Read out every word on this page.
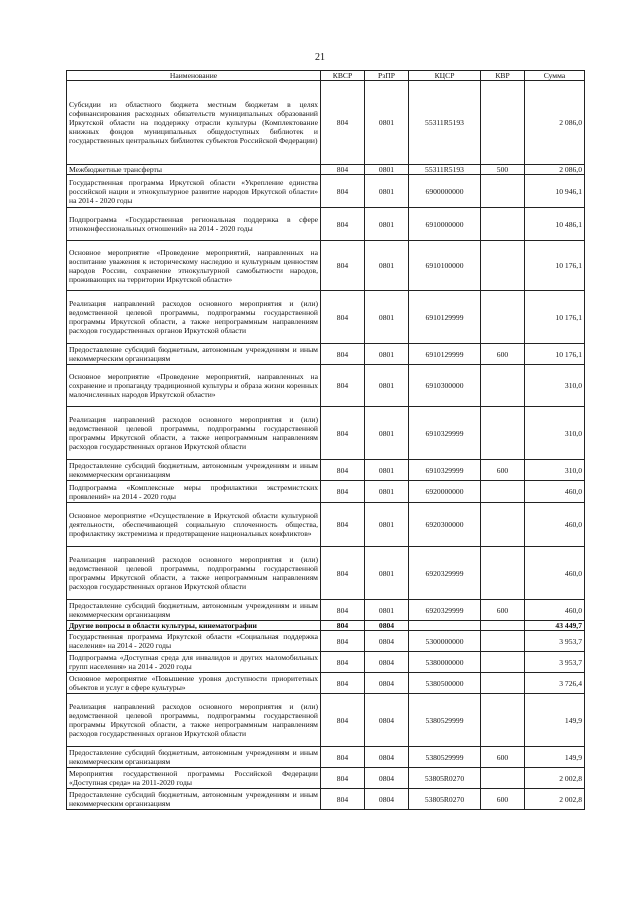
21
Наименование	КВСР	РзПР	КЦСР	КВР	Сумма
Субсидии из областного бюджета местным бюджетам в целях софинансирования расходных обязательств муниципальных образований Иркутской области на поддержку отрасли культуры (Комплектование книжных фондов муниципальных общедоступных библиотек и государственных центральных библиотек субъектов Российской Федерации)	804	0801	55311R5193		2 086,0
Межбюджетные трансферты	804	0801	55311R5193	500	2 086,0
Государственная программа Иркутской области «Укрепление единства российской нации и этнокультурное развитие народов Иркутской области» на 2014 - 2020 годы	804	0801	6900000000		10 946,1
Подпрограмма «Государственная региональная поддержка в сфере этноконфессиональных отношений» на 2014 - 2020 годы	804	0801	6910000000		10 486,1
Основное мероприятие «Проведение мероприятий, направленных на воспитание уважения к историческому наследию и культурным ценностям народов России, сохранение этнокультурной самобытности народов, проживающих на территории Иркутской области»	804	0801	6910100000		10 176,1
Реализация направлений расходов основного мероприятия и (или) ведомственной целевой программы, подпрограммы государственной программы Иркутской области, а также непрограммным направлениям расходов государственных органов Иркутской области	804	0801	6910129999		10 176,1
Предоставление субсидий бюджетным, автономным учреждениям и иным некоммерческим организациям	804	0801	6910129999	600	10 176,1
Основное мероприятие «Проведение мероприятий, направленных на сохранение и пропаганду традиционной культуры и образа жизни коренных малочисленных народов Иркутской области»	804	0801	6910300000		310,0
Реализация направлений расходов основного мероприятия и (или) ведомственной целевой программы, подпрограммы государственной программы Иркутской области, а также непрограммным направлениям расходов государственных органов Иркутской области	804	0801	6910329999		310,0
Предоставление субсидий бюджетным, автономным учреждениям и иным некоммерческим организациям	804	0801	6910329999	600	310,0
Подпрограмма «Комплексные меры профилактики экстремистских проявлений» на 2014 - 2020 годы	804	0801	6920000000		460,0
Основное мероприятие «Осуществление в Иркутской области культурной деятельности, обеспечивающей социальную сплоченность общества, профилактику экстремизма и предотвращение национальных конфликтов»	804	0801	6920300000		460,0
Реализация направлений расходов основного мероприятия и (или) ведомственной целевой программы, подпрограммы государственной программы Иркутской области, а также непрограммным направлениям расходов государственных органов Иркутской области	804	0801	6920329999		460,0
Предоставление субсидий бюджетным, автономным учреждениям и иным некоммерческим организациям	804	0801	6920329999	600	460,0
Другие вопросы в области культуры, кинематографии	804	0804			43 449,7
Государственная программа Иркутской области «Социальная поддержка населения» на 2014 - 2020 годы	804	0804	5300000000		3 953,7
Подпрограмма «Доступная среда для инвалидов и других маломобильных групп населения» на 2014 - 2020 годы	804	0804	5380000000		3 953,7
Основное мероприятие «Повышение уровня доступности приоритетных объектов и услуг в сфере культуры»	804	0804	5380500000		3 726,4
Реализация направлений расходов основного мероприятия и (или) ведомственной целевой программы, подпрограммы государственной программы Иркутской области, а также непрограммным направлениям расходов государственных органов Иркутской области	804	0804	5380529999		149,9
Предоставление субсидий бюджетным, автономным учреждениям и иным некоммерческим организациям	804	0804	5380529999	600	149,9
Мероприятия государственной программы Российской Федерации «Доступная среда» на 2011-2020 годы	804	0804	53805R0270		2 002,8
Предоставление субсидий бюджетным, автономным учреждениям и иным некоммерческим организациям	804	0804	53805R0270	600	2 002,8
